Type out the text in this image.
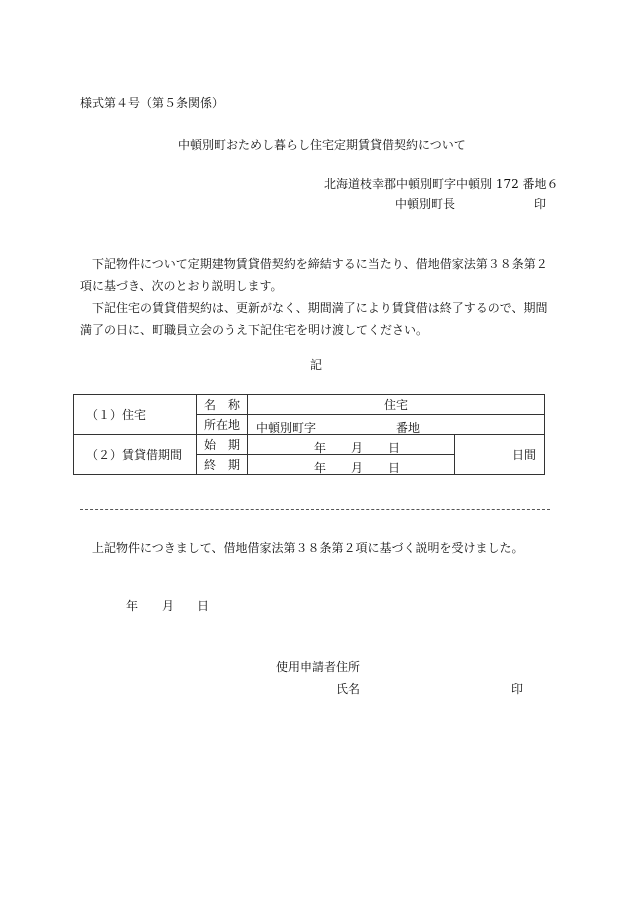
様式第４号（第５条関係）
中頓別町おためし暮らし住宅定期賃貸借契約について
北海道枝幸郡中頓別町字中頓別 172 番地６
中頓別町長	印
下記物件について定期建物賃貸借契約を締結するに当たり、借地借家法第３８条第２項に基づき、次のとおり説明します。
下記住宅の賃貸借契約は、更新がなく、期間満了により賃貸借は終了するので、期間満了の日に、町職員立会のうえ下記住宅を明け渡してください。
記
（１）住宅	名　称	住宅	
	所在地	中頓別町字 番地	

（２）賃貸借期間	始　期	年 月 日	日間
	終　期	年 月 日	
上記物件につきまして、借地借家法第３８条第２項に基づく説明を受けました。
年 月 日
使用申請者住所
氏名	印
